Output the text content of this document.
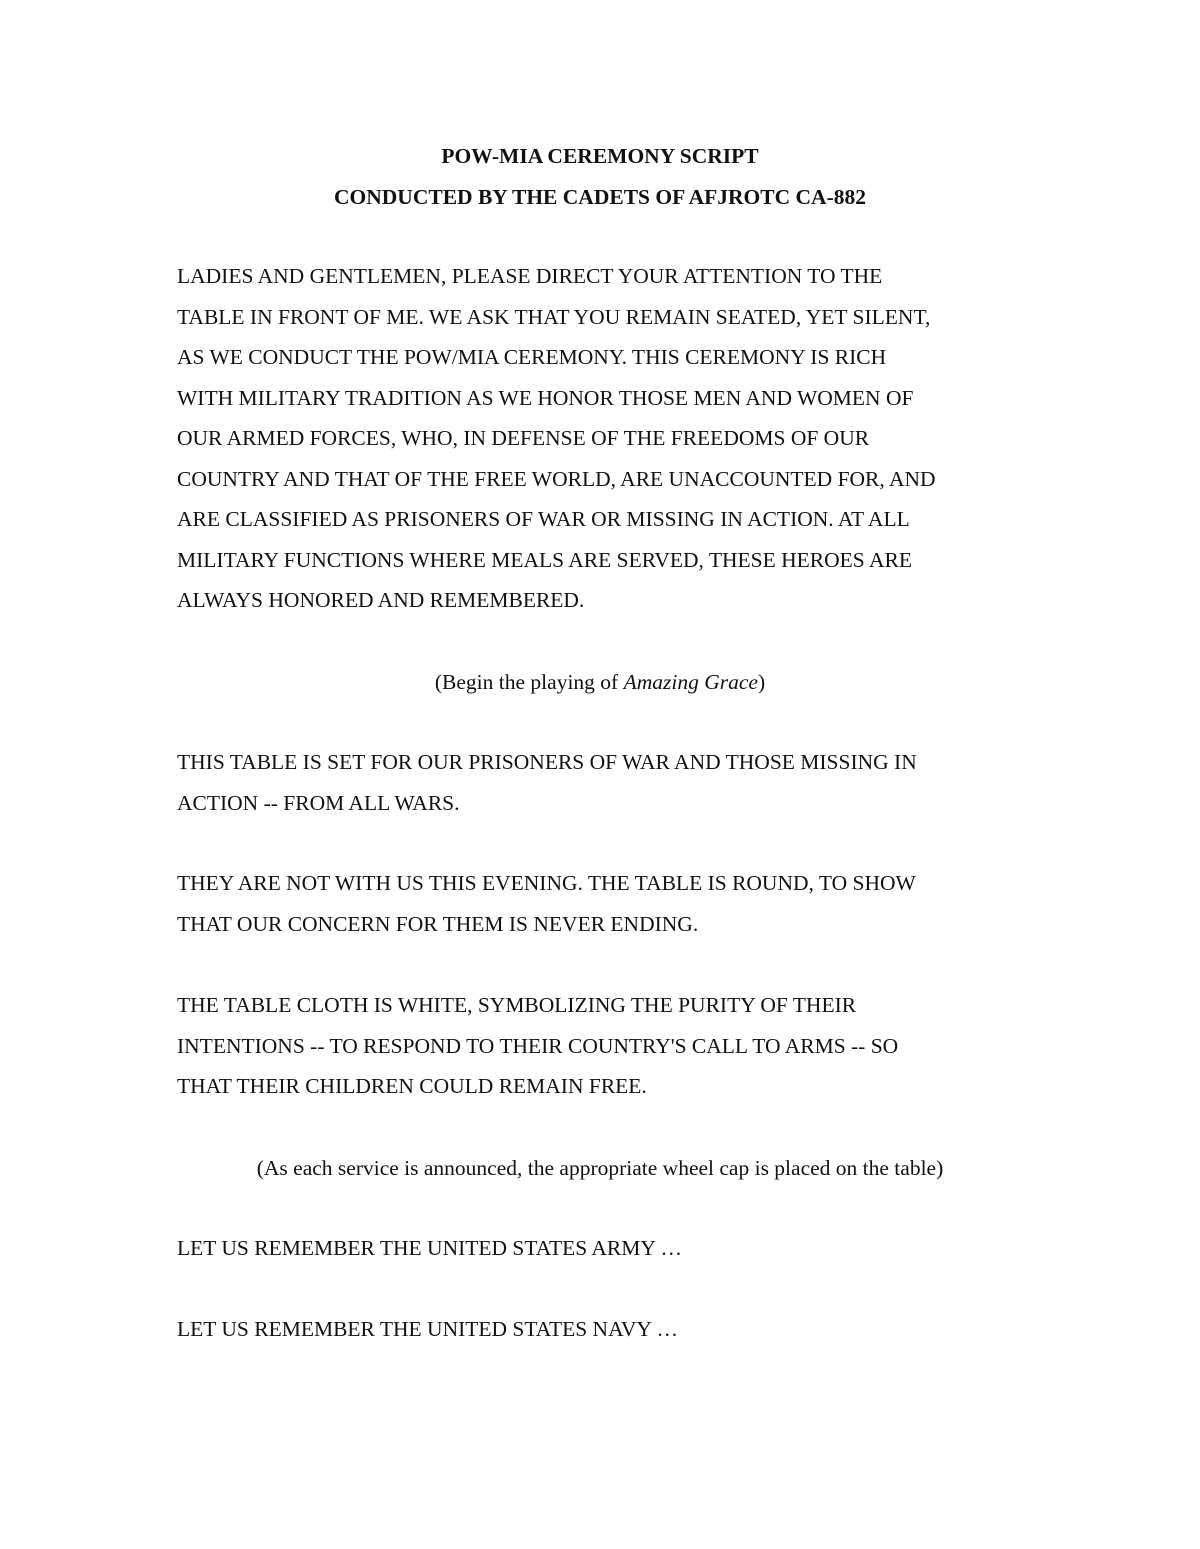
POW-MIA CEREMONY SCRIPT
CONDUCTED BY THE CADETS OF AFJROTC CA-882
LADIES AND GENTLEMEN, PLEASE DIRECT YOUR ATTENTION TO THE
TABLE IN FRONT OF ME. WE ASK THAT YOU REMAIN SEATED, YET SILENT,
AS WE CONDUCT THE POW/MIA CEREMONY. THIS CEREMONY IS RICH
WITH MILITARY TRADITION AS WE HONOR THOSE MEN AND WOMEN OF
OUR ARMED FORCES, WHO, IN DEFENSE OF THE FREEDOMS OF OUR
COUNTRY AND THAT OF THE FREE WORLD, ARE UNACCOUNTED FOR, AND
ARE CLASSIFIED AS PRISONERS OF WAR OR MISSING IN ACTION. AT ALL
MILITARY FUNCTIONS WHERE MEALS ARE SERVED, THESE HEROES ARE
ALWAYS HONORED AND REMEMBERED.
(Begin the playing of Amazing Grace)
THIS TABLE IS SET FOR OUR PRISONERS OF WAR AND THOSE MISSING IN
ACTION -- FROM ALL WARS.
THEY ARE NOT WITH US THIS EVENING. THE TABLE IS ROUND, TO SHOW
THAT OUR CONCERN FOR THEM IS NEVER ENDING.
THE TABLE CLOTH IS WHITE, SYMBOLIZING THE PURITY OF THEIR
INTENTIONS -- TO RESPOND TO THEIR COUNTRY'S CALL TO ARMS -- SO
THAT THEIR CHILDREN COULD REMAIN FREE.
(As each service is announced, the appropriate wheel cap is placed on the table)
LET US REMEMBER THE UNITED STATES ARMY …
LET US REMEMBER THE UNITED STATES NAVY …
